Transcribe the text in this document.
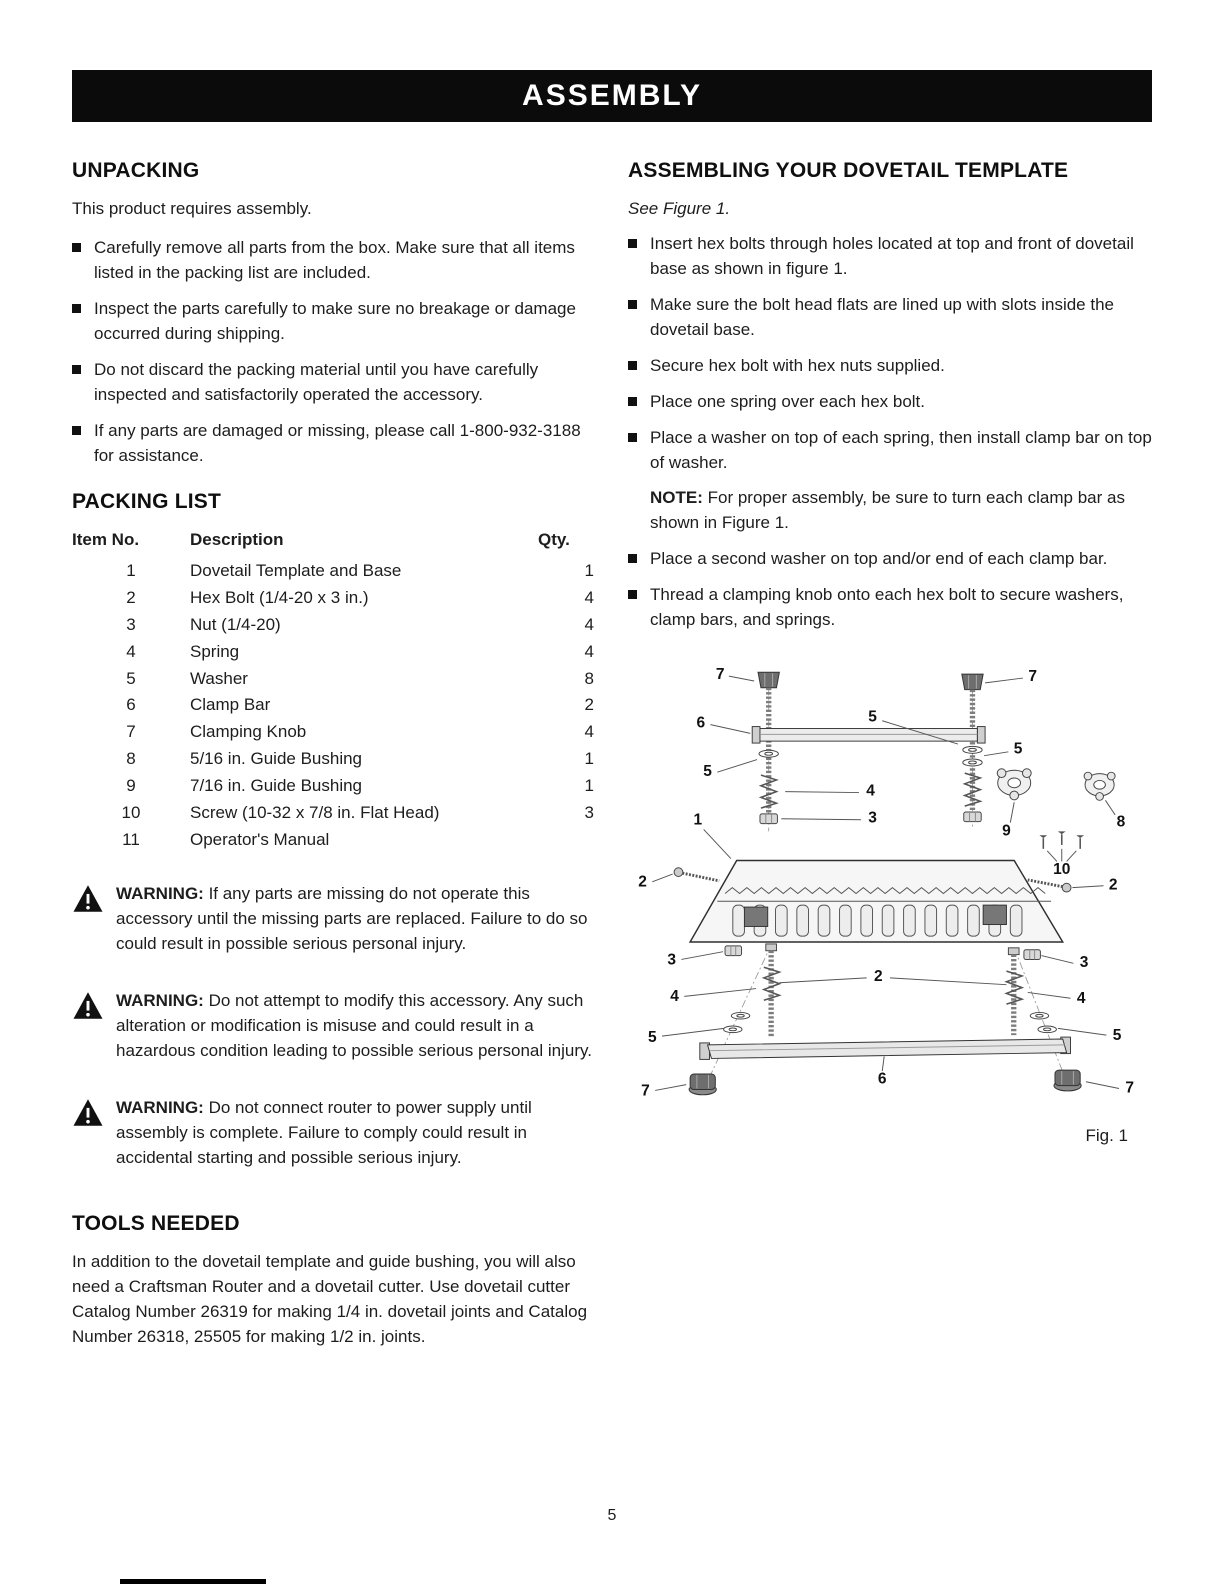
ASSEMBLY
UNPACKING

This product requires assembly.

Carefully remove all parts from the box. Make sure that all items listed in the packing list are included.
Inspect the parts carefully to make sure no breakage or damage occurred during shipping.
Do not discard the packing material until you have carefully inspected and satisfactorily operated the accessory.
If any parts are damaged or missing, please call 1-800-932-3188 for assistance.
PACKING LIST
Item No.	Description	Qty.
1	Dovetail Template and Base	1
2	Hex Bolt (1/4-20 x 3 in.)	4
3	Nut (1/4-20)	4
4	Spring	4
5	Washer	8
6	Clamp Bar	2
7	Clamping Knob	4
8	5/16 in. Guide Bushing	1
9	7/16 in. Guide Bushing	1
10	Screw (10-32 x 7/8 in. Flat Head)	3
11	Operator's Manual	
WARNING: If any parts are missing do not operate this accessory until the missing parts are replaced. Failure to do so could result in possible serious personal injury.
WARNING: Do not attempt to modify this accessory. Any such alteration or modification is misuse and could result in a hazardous condition leading to possible serious personal injury.
WARNING: Do not connect router to power supply until assembly is complete. Failure to comply could result in accidental starting and possible serious injury.
TOOLS NEEDED

In addition to the dovetail template and guide bushing, you will also need a Craftsman Router and a dovetail cutter. Use dovetail cutter Catalog Number 26319 for making 1/4 in. dovetail joints and Catalog Number 26318, 25505 for making 1/2 in. joints.

ASSEMBLING YOUR DOVETAIL TEMPLATE

See Figure 1.

Insert hex bolts through holes located at top and front of dovetail base as shown in figure 1.
Make sure the bolt head flats are lined up with slots inside the dovetail base.
Secure hex bolt with hex nuts supplied.
Place one spring over each hex bolt.
Place a washer on top of each spring, then install clamp bar on top of washer.
NOTE: For proper assembly, be sure to turn each clamp bar as shown in Figure 1.
Place a second washer on top and/or end of each clamp bar.
Thread a clamping knob onto each hex bolt to secure washers, clamp bars, and springs.
7	7
6	5
5
5
4
3
1
9
8
10
2	2
3	3
2
4	4
5	5
6
7	7
Fig. 1
5
